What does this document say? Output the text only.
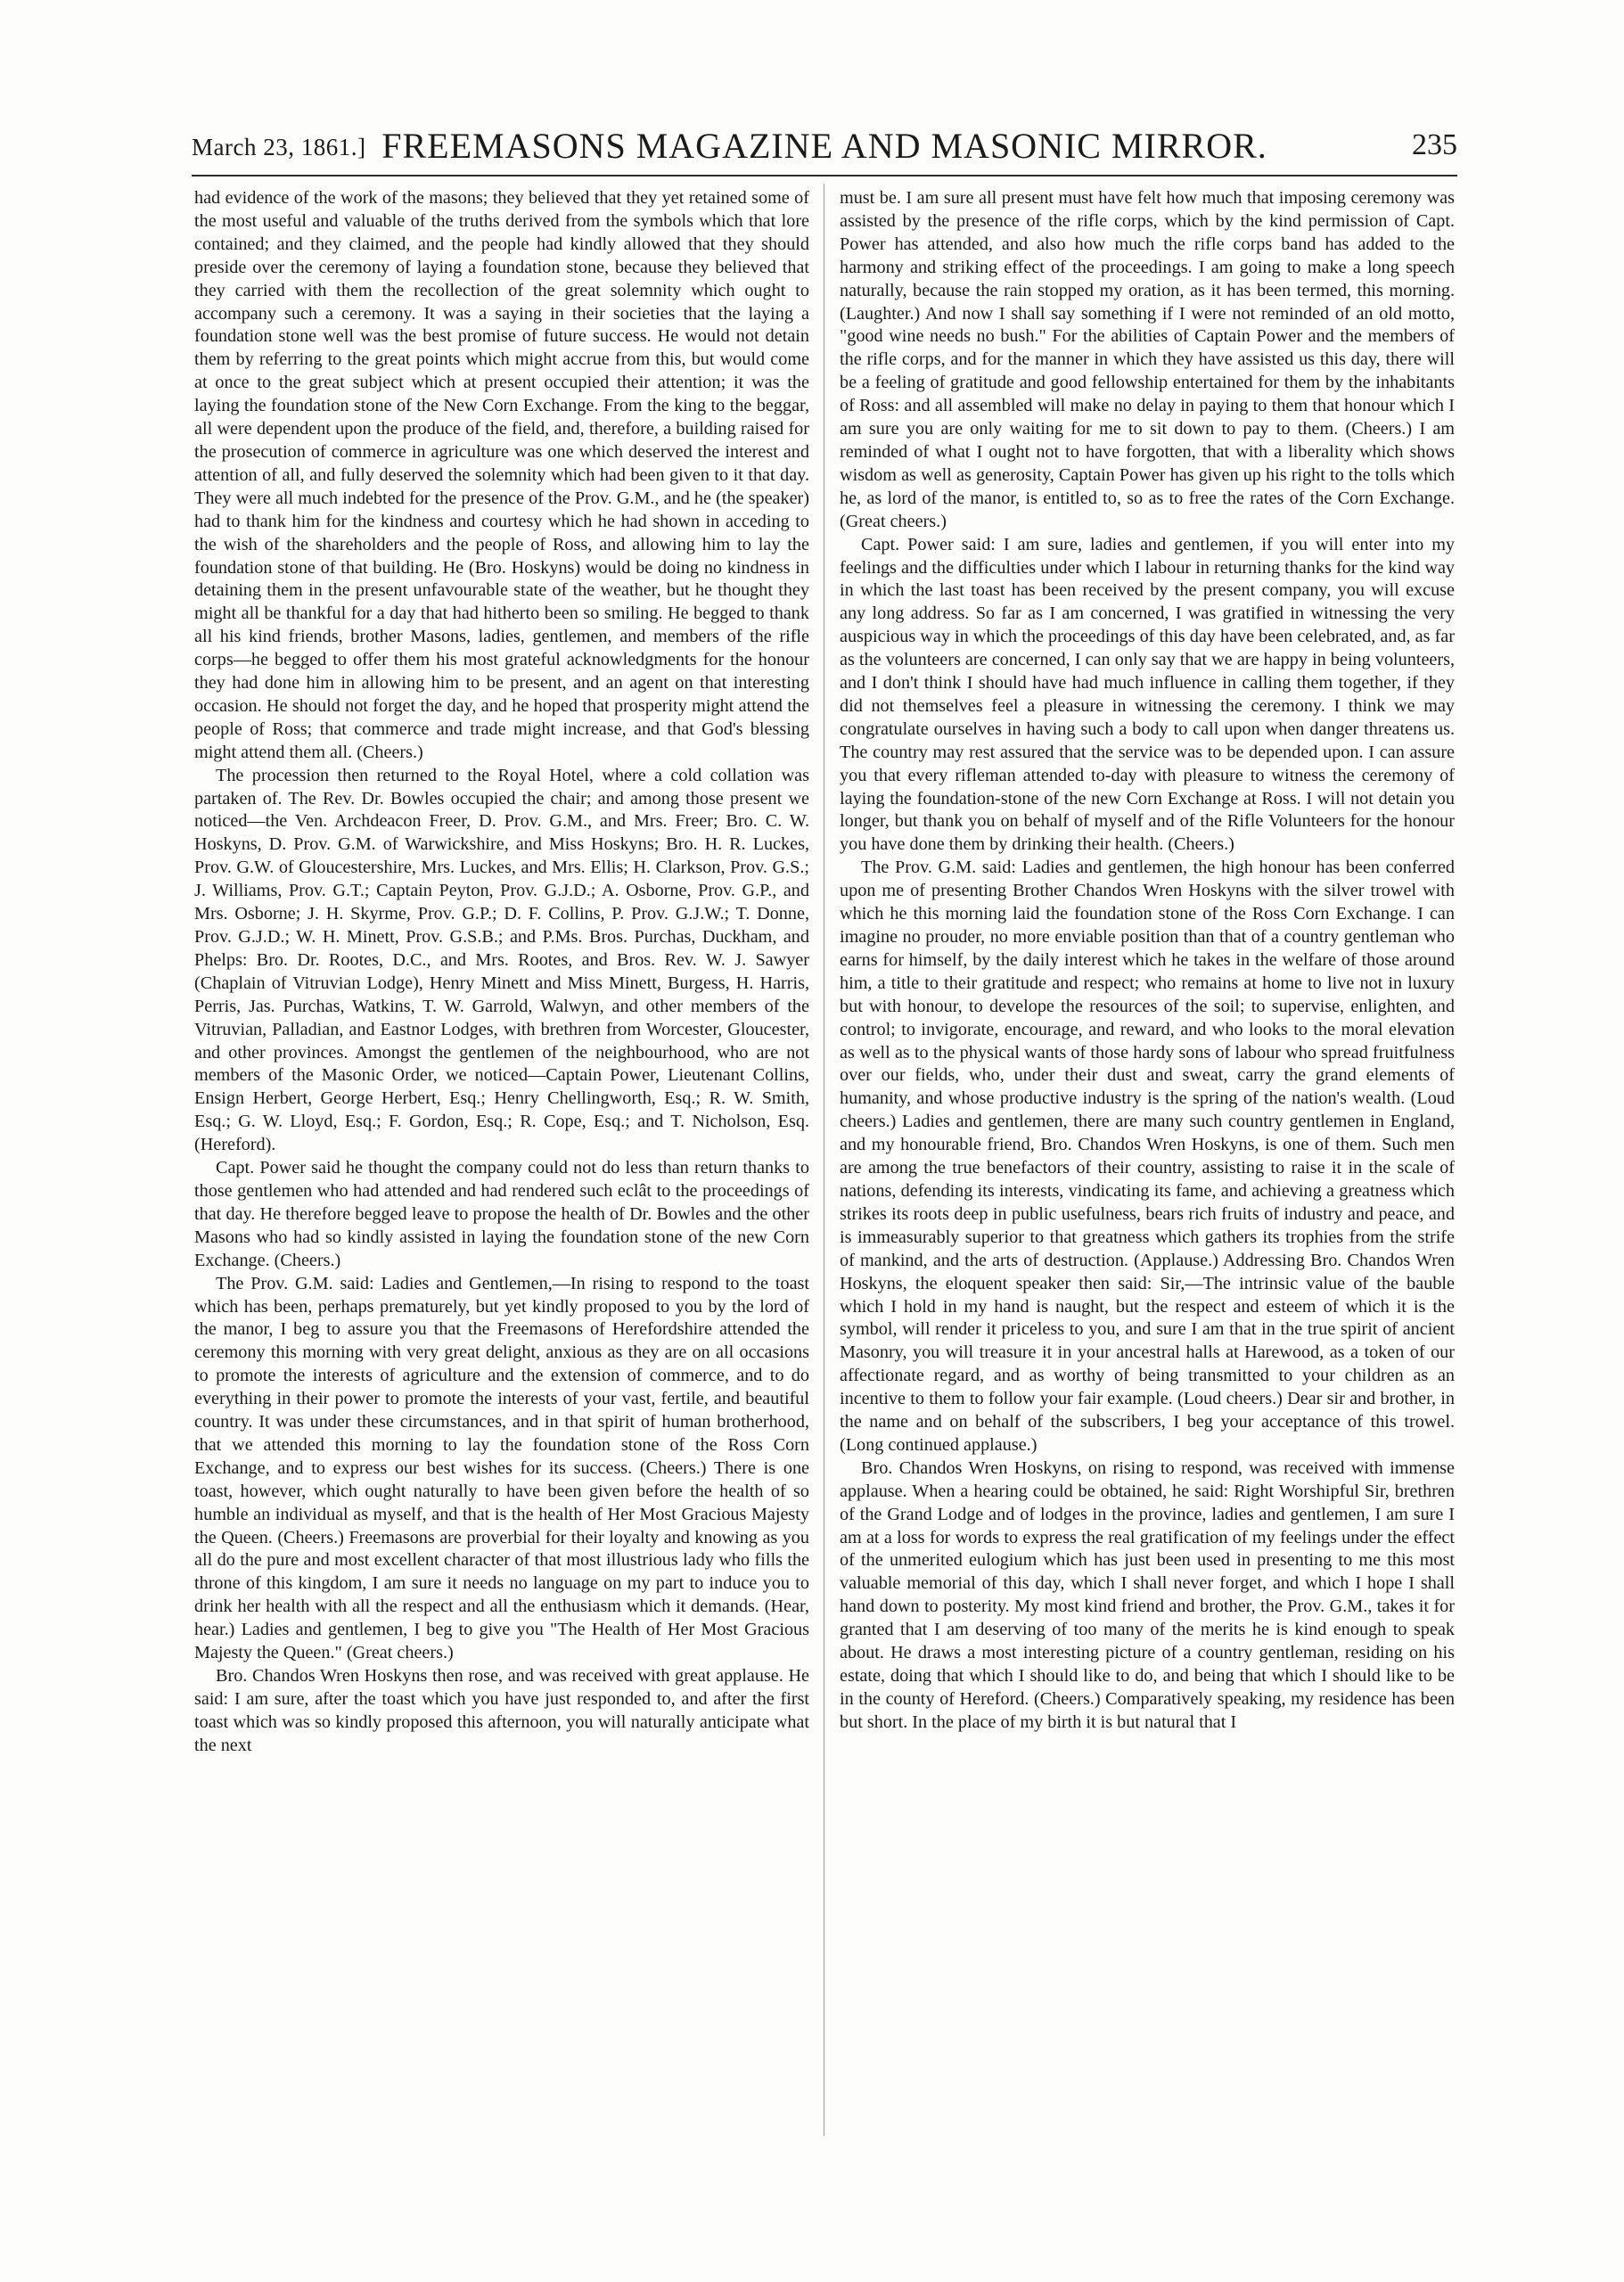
March 23, 1861.] FREEMASONS MAGAZINE AND MASONIC MIRROR.	235

had evidence of the work of the masons; they believed that they yet retained some of the most useful and valuable of the truths derived from the symbols which that lore contained; and they claimed, and the people had kindly allowed that they should preside over the ceremony of laying a foundation stone, because they believed that they carried with them the recollection of the great solemnity which ought to accompany such a ceremony. It was a saying in their societies that the laying a foundation stone well was the best promise of future success. He would not detain them by referring to the great points which might accrue from this, but would come at once to the great subject which at present occupied their attention; it was the laying the foundation stone of the New Corn Exchange. From the king to the beggar, all were dependent upon the produce of the field, and, therefore, a building raised for the prosecution of commerce in agriculture was one which deserved the interest and attention of all, and fully deserved the solemnity which had been given to it that day. They were all much indebted for the presence of the Prov. G.M., and he (the speaker) had to thank him for the kindness and courtesy which he had shown in acceding to the wish of the shareholders and the people of Ross, and allowing him to lay the foundation stone of that building. He (Bro. Hoskyns) would be doing no kindness in detaining them in the present unfavourable state of the weather, but he thought they might all be thankful for a day that had hitherto been so smiling. He begged to thank all his kind friends, brother Masons, ladies, gentlemen, and members of the rifle corps—he begged to offer them his most grateful acknowledgments for the honour they had done him in allowing him to be present, and an agent on that interesting occasion. He should not forget the day, and he hoped that prosperity might attend the people of Ross; that commerce and trade might increase, and that God's blessing might attend them all. (Cheers.)

The procession then returned to the Royal Hotel, where a cold collation was partaken of. The Rev. Dr. Bowles occupied the chair; and among those present we noticed—the Ven. Archdeacon Freer, D. Prov. G.M., and Mrs. Freer; Bro. C. W. Hoskyns, D. Prov. G.M. of Warwickshire, and Miss Hoskyns; Bro. H. R. Luckes, Prov. G.W. of Gloucestershire, Mrs. Luckes, and Mrs. Ellis; H. Clarkson, Prov. G.S.; J. Williams, Prov. G.T.; Captain Peyton, Prov. G.J.D.; A. Osborne, Prov. G.P., and Mrs. Osborne; J. H. Skyrme, Prov. G.P.; D. F. Collins, P. Prov. G.J.W.; T. Donne, Prov. G.J.D.; W. H. Minett, Prov. G.S.B.; and P.Ms. Bros. Purchas, Duckham, and Phelps: Bro. Dr. Rootes, D.C., and Mrs. Rootes, and Bros. Rev. W. J. Sawyer (Chaplain of Vitruvian Lodge), Henry Minett and Miss Minett, Burgess, H. Harris, Perris, Jas. Purchas, Watkins, T. W. Garrold, Walwyn, and other members of the Vitruvian, Palladian, and Eastnor Lodges, with brethren from Worcester, Gloucester, and other provinces. Amongst the gentlemen of the neighbourhood, who are not members of the Masonic Order, we noticed—Captain Power, Lieutenant Collins, Ensign Herbert, George Herbert, Esq.; Henry Chellingworth, Esq.; R. W. Smith, Esq.; G. W. Lloyd, Esq.; F. Gordon, Esq.; R. Cope, Esq.; and T. Nicholson, Esq. (Hereford).

Capt. Power said he thought the company could not do less than return thanks to those gentlemen who had attended and had rendered such eclât to the proceedings of that day. He therefore begged leave to propose the health of Dr. Bowles and the other Masons who had so kindly assisted in laying the foundation stone of the new Corn Exchange. (Cheers.)

The Prov. G.M. said: Ladies and Gentlemen,—In rising to respond to the toast which has been, perhaps prematurely, but yet kindly proposed to you by the lord of the manor, I beg to assure you that the Freemasons of Herefordshire attended the ceremony this morning with very great delight, anxious as they are on all occasions to promote the interests of agriculture and the extension of commerce, and to do everything in their power to promote the interests of your vast, fertile, and beautiful country. It was under these circumstances, and in that spirit of human brotherhood, that we attended this morning to lay the foundation stone of the Ross Corn Exchange, and to express our best wishes for its success. (Cheers.) There is one toast, however, which ought naturally to have been given before the health of so humble an individual as myself, and that is the health of Her Most Gracious Majesty the Queen. (Cheers.) Freemasons are proverbial for their loyalty and knowing as you all do the pure and most excellent character of that most illustrious lady who fills the throne of this kingdom, I am sure it needs no language on my part to induce you to drink her health with all the respect and all the enthusiasm which it demands. (Hear, hear.) Ladies and gentlemen, I beg to give you "The Health of Her Most Gracious Majesty the Queen." (Great cheers.)

Bro. Chandos Wren Hoskyns then rose, and was received with great applause. He said: I am sure, after the toast which you have just responded to, and after the first toast which was so kindly proposed this afternoon, you will naturally anticipate what the next

must be. I am sure all present must have felt how much that imposing ceremony was assisted by the presence of the rifle corps, which by the kind permission of Capt. Power has attended, and also how much the rifle corps band has added to the harmony and striking effect of the proceedings. I am going to make a long speech naturally, because the rain stopped my oration, as it has been termed, this morning. (Laughter.) And now I shall say something if I were not reminded of an old motto, "good wine needs no bush." For the abilities of Captain Power and the members of the rifle corps, and for the manner in which they have assisted us this day, there will be a feeling of gratitude and good fellowship entertained for them by the inhabitants of Ross: and all assembled will make no delay in paying to them that honour which I am sure you are only waiting for me to sit down to pay to them. (Cheers.) I am reminded of what I ought not to have forgotten, that with a liberality which shows wisdom as well as generosity, Captain Power has given up his right to the tolls which he, as lord of the manor, is entitled to, so as to free the rates of the Corn Exchange. (Great cheers.)

Capt. Power said: I am sure, ladies and gentlemen, if you will enter into my feelings and the difficulties under which I labour in returning thanks for the kind way in which the last toast has been received by the present company, you will excuse any long address. So far as I am concerned, I was gratified in witnessing the very auspicious way in which the proceedings of this day have been celebrated, and, as far as the volunteers are concerned, I can only say that we are happy in being volunteers, and I don't think I should have had much influence in calling them together, if they did not themselves feel a pleasure in witnessing the ceremony. I think we may congratulate ourselves in having such a body to call upon when danger threatens us. The country may rest assured that the service was to be depended upon. I can assure you that every rifleman attended to-day with pleasure to witness the ceremony of laying the foundation-stone of the new Corn Exchange at Ross. I will not detain you longer, but thank you on behalf of myself and of the Rifle Volunteers for the honour you have done them by drinking their health. (Cheers.)

The Prov. G.M. said: Ladies and gentlemen, the high honour has been conferred upon me of presenting Brother Chandos Wren Hoskyns with the silver trowel with which he this morning laid the foundation stone of the Ross Corn Exchange. I can imagine no prouder, no more enviable position than that of a country gentleman who earns for himself, by the daily interest which he takes in the welfare of those around him, a title to their gratitude and respect; who remains at home to live not in luxury but with honour, to develope the resources of the soil; to supervise, enlighten, and control; to invigorate, encourage, and reward, and who looks to the moral elevation as well as to the physical wants of those hardy sons of labour who spread fruitfulness over our fields, who, under their dust and sweat, carry the grand elements of humanity, and whose productive industry is the spring of the nation's wealth. (Loud cheers.) Ladies and gentlemen, there are many such country gentlemen in England, and my honourable friend, Bro. Chandos Wren Hoskyns, is one of them. Such men are among the true benefactors of their country, assisting to raise it in the scale of nations, defending its interests, vindicating its fame, and achieving a greatness which strikes its roots deep in public usefulness, bears rich fruits of industry and peace, and is immeasurably superior to that greatness which gathers its trophies from the strife of mankind, and the arts of destruction. (Applause.) Addressing Bro. Chandos Wren Hoskyns, the eloquent speaker then said: Sir,—The intrinsic value of the bauble which I hold in my hand is naught, but the respect and esteem of which it is the symbol, will render it priceless to you, and sure I am that in the true spirit of ancient Masonry, you will treasure it in your ancestral halls at Harewood, as a token of our affectionate regard, and as worthy of being transmitted to your children as an incentive to them to follow your fair example. (Loud cheers.) Dear sir and brother, in the name and on behalf of the subscribers, I beg your acceptance of this trowel. (Long continued applause.)

Bro. Chandos Wren Hoskyns, on rising to respond, was received with immense applause. When a hearing could be obtained, he said: Right Worshipful Sir, brethren of the Grand Lodge and of lodges in the province, ladies and gentlemen, I am sure I am at a loss for words to express the real gratification of my feelings under the effect of the unmerited eulogium which has just been used in presenting to me this most valuable memorial of this day, which I shall never forget, and which I hope I shall hand down to posterity. My most kind friend and brother, the Prov. G.M., takes it for granted that I am deserving of too many of the merits he is kind enough to speak about. He draws a most interesting picture of a country gentleman, residing on his estate, doing that which I should like to do, and being that which I should like to be in the county of Hereford. (Cheers.) Comparatively speaking, my residence has been but short. In the place of my birth it is but natural that I
